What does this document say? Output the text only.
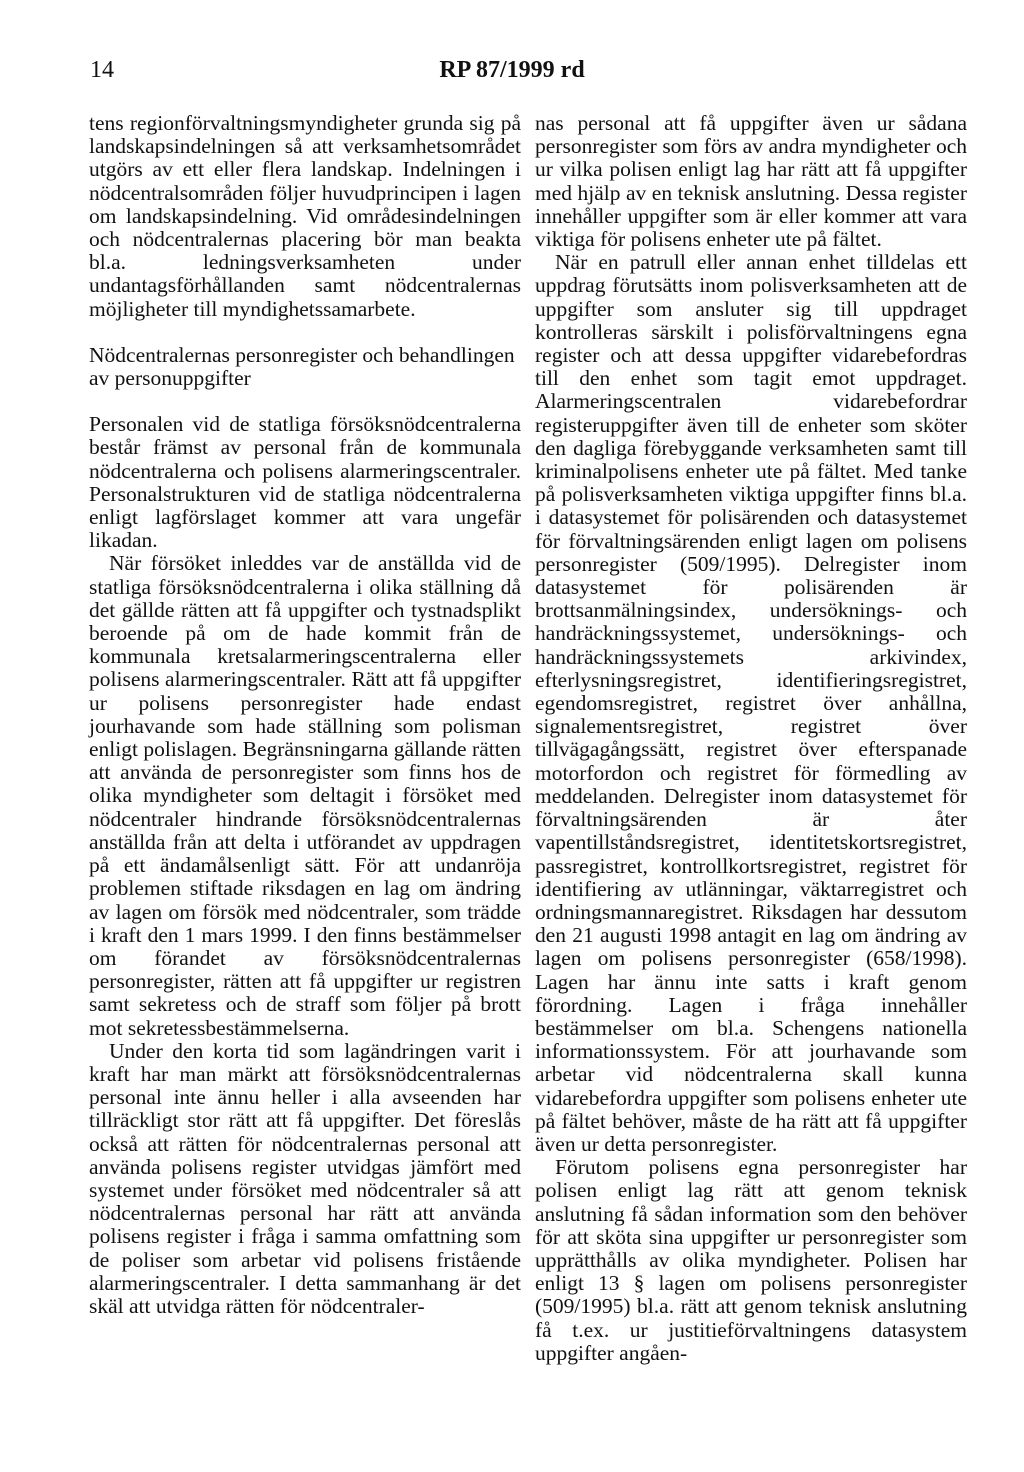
14	RP 87/1999 rd

tens regionförvaltningsmyndigheter grunda sig på landskapsindelningen så att verksamhetsområdet utgörs av ett eller flera landskap. Indelningen i nödcentralsområden följer huvudprincipen i lagen om landskapsindelning. Vid områdesindelningen och nödcentralernas placering bör man beakta bl.a. ledningsverksamheten under undantagsförhållanden samt nödcentralernas möjligheter till myndighetssamarbete.

Nödcentralernas personregister och behandlingen av personuppgifter

Personalen vid de statliga försöksnödcentralerna består främst av personal från de kommunala nödcentralerna och polisens alarmeringscentraler. Personalstrukturen vid de statliga nödcentralerna enligt lagförslaget kommer att vara ungefär likadan.

När försöket inleddes var de anställda vid de statliga försöksnödcentralerna i olika ställning då det gällde rätten att få uppgifter och tystnadsplikt beroende på om de hade kommit från de kommunala kretsalarmeringscentralerna eller polisens alarmeringscentraler. Rätt att få uppgifter ur polisens personregister hade endast jourhavande som hade ställning som polisman enligt polislagen. Begränsningarna gällande rätten att använda de personregister som finns hos de olika myndigheter som deltagit i försöket med nödcentraler hindrande försöksnödcentralernas anställda från att delta i utförandet av uppdragen på ett ändamålsenligt sätt. För att undanröja problemen stiftade riksdagen en lag om ändring av lagen om försök med nödcentraler, som trädde i kraft den 1 mars 1999. I den finns bestämmelser om förandet av försöksnödcentralernas personregister, rätten att få uppgifter ur registren samt sekretess och de straff som följer på brott mot sekretessbestämmelserna.

Under den korta tid som lagändringen varit i kraft har man märkt att försöksnödcentralernas personal inte ännu heller i alla avseenden har tillräckligt stor rätt att få uppgifter. Det föreslås också att rätten för nödcentralernas personal att använda polisens register utvidgas jämfört med systemet under försöket med nödcentraler så att nödcentralernas personal har rätt att använda polisens register i fråga i samma omfattning som de poliser som arbetar vid polisens fristående alarmeringscentraler. I detta sammanhang är det skäl att utvidga rätten för nödcentraler-

nas personal att få uppgifter även ur sådana personregister som förs av andra myndigheter och ur vilka polisen enligt lag har rätt att få uppgifter med hjälp av en teknisk anslutning. Dessa register innehåller uppgifter som är eller kommer att vara viktiga för polisens enheter ute på fältet.

När en patrull eller annan enhet tilldelas ett uppdrag förutsätts inom polisverksamheten att de uppgifter som ansluter sig till uppdraget kontrolleras särskilt i polisförvaltningens egna register och att dessa uppgifter vidarebefordras till den enhet som tagit emot uppdraget. Alarmeringscentralen vidarebefordrar registeruppgifter även till de enheter som sköter den dagliga förebyggande verksamheten samt till kriminalpolisens enheter ute på fältet. Med tanke på polisverksamheten viktiga uppgifter finns bl.a. i datasystemet för polisärenden och datasystemet för förvaltningsärenden enligt lagen om polisens personregister (509/1995). Delregister inom datasystemet för polisärenden är brottsanmälningsindex, undersöknings- och handräckningssystemet, undersöknings- och handräckningssystemets arkivindex, efterlysningsregistret, identifieringsregistret, egendomsregistret, registret över anhållna, signalementsregistret, registret över tillvägagångssätt, registret över efterspanade motorfordon och registret för förmedling av meddelanden. Delregister inom datasystemet för förvaltningsärenden är åter vapentillståndsregistret, identitetskortsregistret, passregistret, kontrollkortsregistret, registret för identifiering av utlänningar, väktarregistret och ordningsmannaregistret. Riksdagen har dessutom den 21 augusti 1998 antagit en lag om ändring av lagen om polisens personregister (658/1998). Lagen har ännu inte satts i kraft genom förordning. Lagen i fråga innehåller bestämmelser om bl.a. Schengens nationella informationssystem. För att jourhavande som arbetar vid nödcentralerna skall kunna vidarebefordra uppgifter som polisens enheter ute på fältet behöver, måste de ha rätt att få uppgifter även ur detta personregister.

Förutom polisens egna personregister har polisen enligt lag rätt att genom teknisk anslutning få sådan information som den behöver för att sköta sina uppgifter ur personregister som upprätthålls av olika myndigheter. Polisen har enligt 13 § lagen om polisens personregister (509/1995) bl.a. rätt att genom teknisk anslutning få t.ex. ur justitieförvaltningens datasystem uppgifter angåen-
